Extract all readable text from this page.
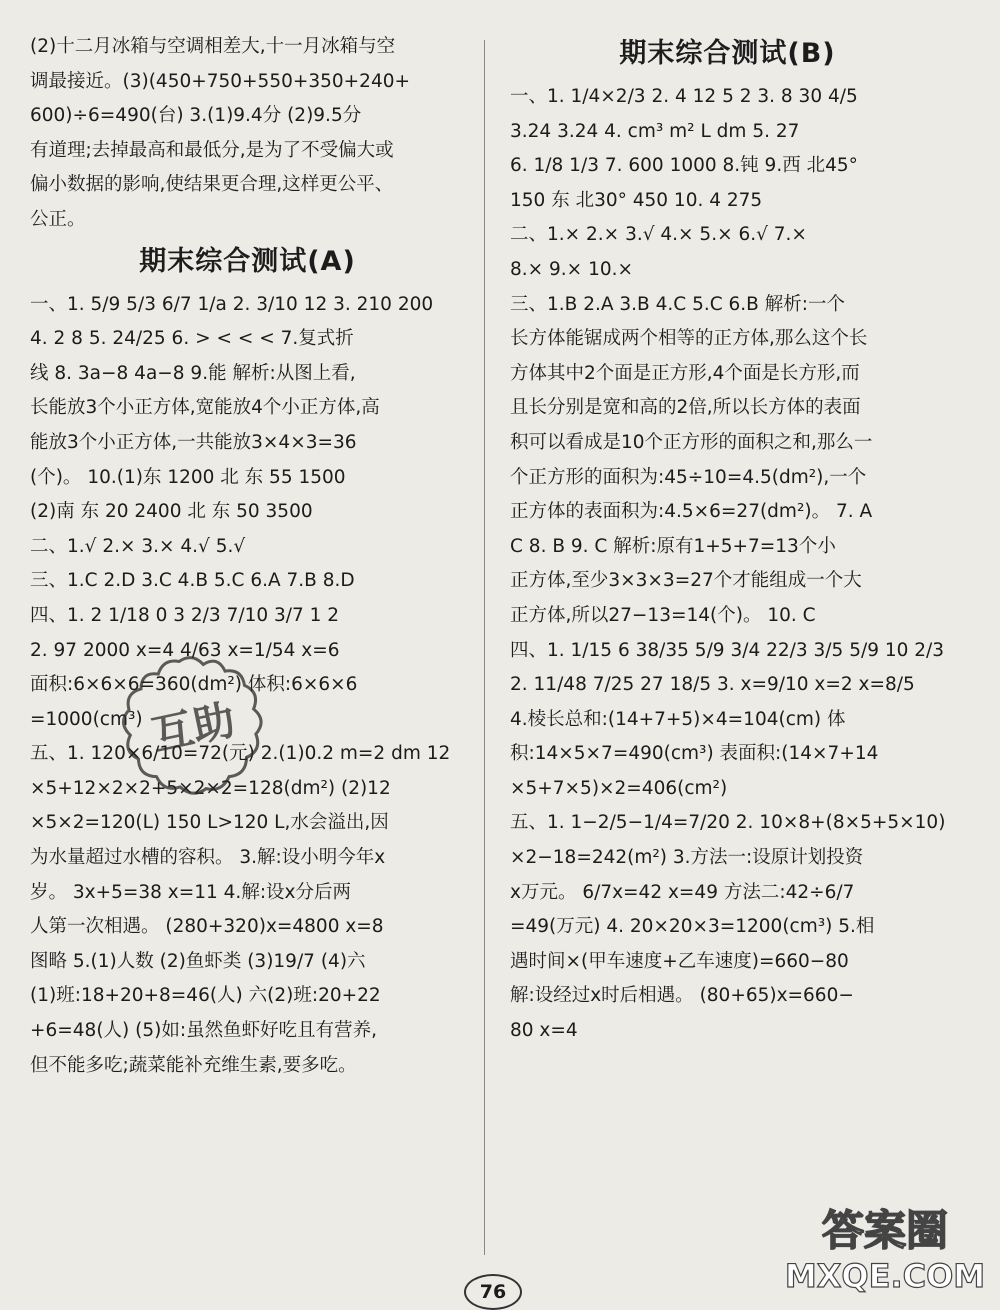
(2)十二月冰箱与空调相差大,十一月冰箱与空
调最接近。(3)(450+750+550+350+240+
600)÷6=490(台) 3.(1)9.4分 (2)9.5分
有道理;去掉最高和最低分,是为了不受偏大或
偏小数据的影响,使结果更合理,这样更公平、
公正。
期末综合测试(A)
一、1. 5/9 5/3 6/7 1/a 2. 3/10 12 3. 210 200
4. 2 8 5. 24/25 6. > < < < 7.复式折
线 8. 3a−8 4a−8 9.能 解析:从图上看,
长能放3个小正方体,宽能放4个小正方体,高
能放3个小正方体,一共能放3×4×3=36
(个)。 10.(1)东 1200 北 东 55 1500
(2)南 东 20 2400 北 东 50 3500
二、1.√ 2.× 3.× 4.√ 5.√
三、1.C 2.D 3.C 4.B 5.C 6.A 7.B 8.D
四、1. 2 1/18 0 3 2/3 7/10 3/7 1 2
2. 97 2000 x=4 4/63 x=1/54 x=6
面积:6×6×6=360(dm²) 体积:6×6×6
=1000(cm³)
五、1. 120×6/10=72(元) 2.(1)0.2 m=2 dm 12
×5+12×2×2+5×2×2=128(dm²) (2)12
×5×2=120(L) 150 L>120 L,水会溢出,因
为水量超过水槽的容积。 3.解:设小明今年x
岁。 3x+5=38 x=11 4.解:设x分后两
人第一次相遇。 (280+320)x=4800 x=8
图略 5.(1)人数 (2)鱼虾类 (3)19/7 (4)六
(1)班:18+20+8=46(人) 六(2)班:20+22
+6=48(人) (5)如:虽然鱼虾好吃且有营养,
但不能多吃;蔬菜能补充维生素,要多吃。
期末综合测试(B)
一、1. 1/4×2/3 2. 4 12 5 2 3. 8 30 4/5
3.24 3.24 4. cm³ m² L dm 5. 27
6. 1/8 1/3 7. 600 1000 8.钝 9.西 北45°
150 东 北30° 450 10. 4 275
二、1.× 2.× 3.√ 4.× 5.× 6.√ 7.×
8.× 9.× 10.×
三、1.B 2.A 3.B 4.C 5.C 6.B 解析:一个
长方体能锯成两个相等的正方体,那么这个长
方体其中2个面是正方形,4个面是长方形,而
且长分别是宽和高的2倍,所以长方体的表面
积可以看成是10个正方形的面积之和,那么一
个正方形的面积为:45÷10=4.5(dm²),一个
正方体的表面积为:4.5×6=27(dm²)。 7. A
C 8. B 9. C 解析:原有1+5+7=13个小
正方体,至少3×3×3=27个才能组成一个大
正方体,所以27−13=14(个)。 10. C
四、1. 1/15 6 38/35 5/9 3/4 22/3 3/5 5/9 10 2/3
2. 11/48 7/25 27 18/5 3. x=9/10 x=2 x=8/5
4.棱长总和:(14+7+5)×4=104(cm) 体
积:14×5×7=490(cm³) 表面积:(14×7+14
×5+7×5)×2=406(cm²)
五、1. 1−2/5−1/4=7/20 2. 10×8+(8×5+5×10)
×2−18=242(m²) 3.方法一:设原计划投资
x万元。 6/7x=42 x=49 方法二:42÷6/7
=49(万元) 4. 20×20×3=1200(cm³) 5.相
遇时间×(甲车速度+乙车速度)=660−80
解:设经过x时后相遇。 (80+65)x=660−
80 x=4
互助
答案圈
MXQE.COM
76
